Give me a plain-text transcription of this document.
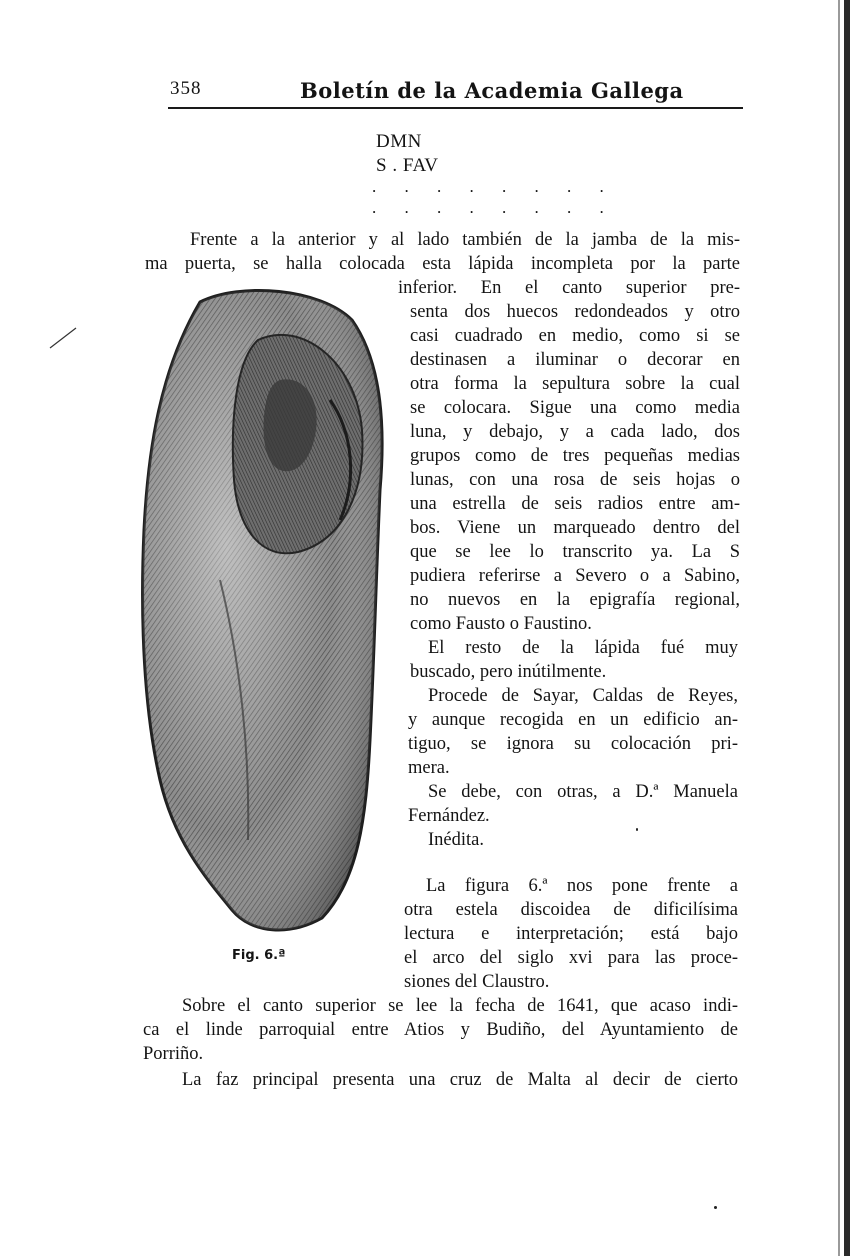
358	Boletín de la Academia Gallega
DMN
S . FAV
. . . . . . . .
. . . . . . . .
Frente a la anterior y al lado también de la jamba de la mis-
ma puerta, se halla colocada esta lápida incompleta por la parte
inferior. En el canto superior pre-
senta dos huecos redondeados y otro
casi cuadrado en medio, como si se
destinasen a iluminar o decorar en
otra forma la sepultura sobre la cual
se colocara. Sigue una como media
luna, y debajo, y a cada lado, dos
grupos como de tres pequeñas medias
lunas, con una rosa de seis hojas o
una estrella de seis radios entre am-
bos. Viene un marqueado dentro del
que se lee lo transcrito ya. La S
pudiera referirse a Severo o a Sabino,
no nuevos en la epigrafía regional,
como Fausto o Faustino.
El resto de la lápida fué muy
buscado, pero inútilmente.
Procede de Sayar, Caldas de Reyes,
y aunque recogida en un edificio an-
tiguo, se ignora su colocación pri-
mera.
Se debe, con otras, a D.ª Manuela
Fernández.
Inédita.
La figura 6.ª nos pone frente a
otra estela discoidea de dificilísima
lectura e interpretación; está bajo
el arco del siglo xvi para las proce-
siones del Claustro.
Sobre el canto superior se lee la fecha de 1641, que acaso indi-
ca el linde parroquial entre Atios y Budiño, del Ayuntamiento de
Porriño.
La faz principal presenta una cruz de Malta al decir de cierto
Fig. 6.ª
